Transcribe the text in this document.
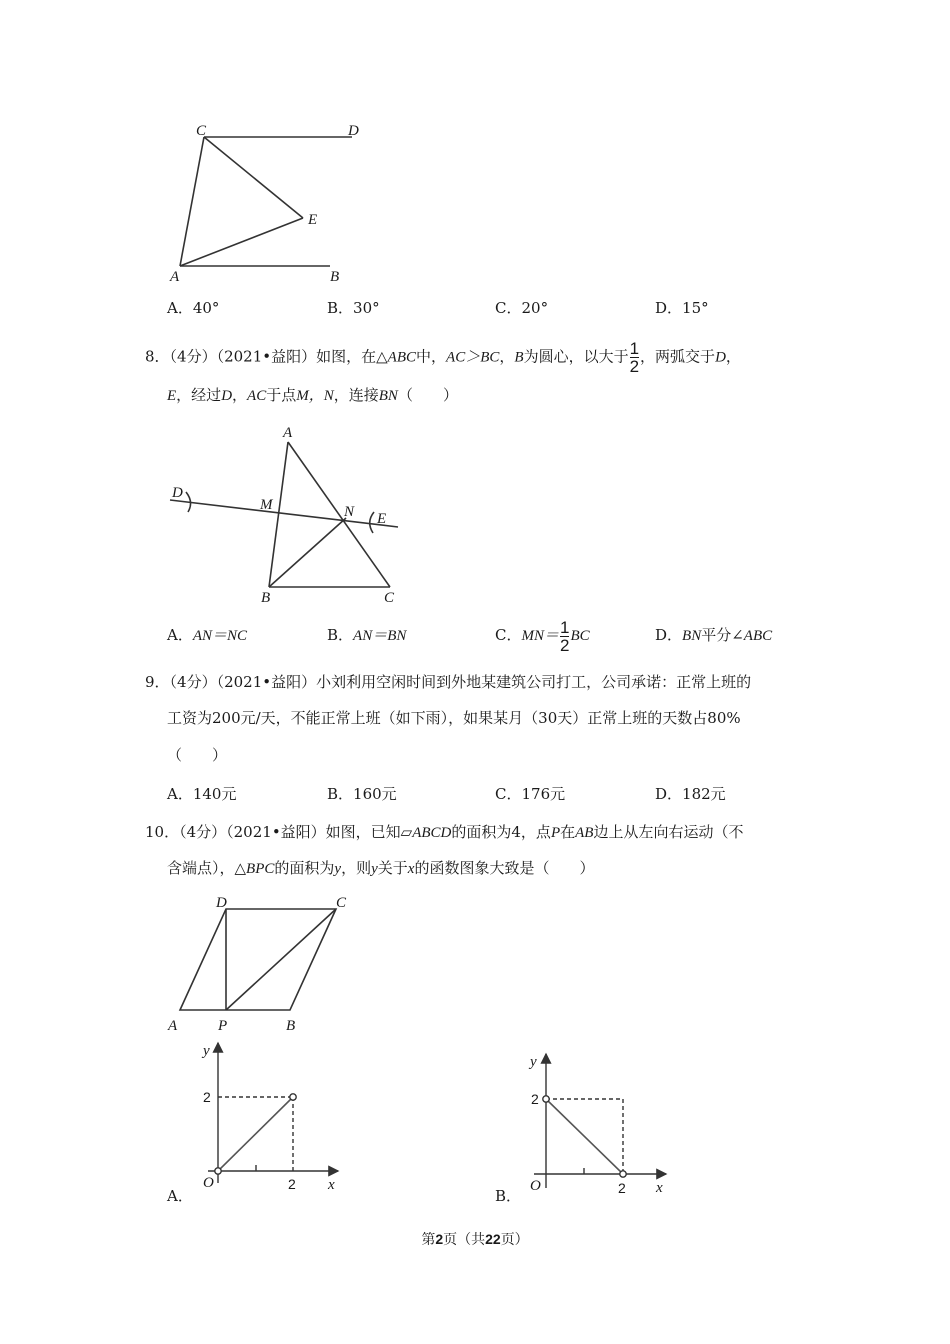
C	D
E
A	B
A．40°	B．30°	C．20°	D．15°
8．（4分）（2021•益阳）如图，在△ABC中，AC＞BC，B为圆心，以大于 $\frac{1}{2}$ ，两弧交于D，
E，经过D，AC于点M，N，连接BN（　　）
A
D
M	N E
B	C
A．AN＝NC	B．AN＝BN	C．$MN= \frac{1}{2}$ BC	D．BN平分∠ABC
9．（4分）（2021•益阳）小刘利用空闲时间到外地某建筑公司打工，公司承诺：正常上班的
工资为200元/天，不能正常上班（如下雨），如果某月（30天）正常上班的天数占80%
（　　）
A．140元	B．160元	C．176元	D．182元
10．（4分）（2021•益阳）如图，已知▱ABCD的面积为4，点P在AB边上从左向右运动（不
含端点），△BPC的面积为y，则y关于x的函数图象大致是（　　）
D	C
A	P	B
A．
y
x
O
2
2
B．
y
x
O
2
2
第2页（共22页）
